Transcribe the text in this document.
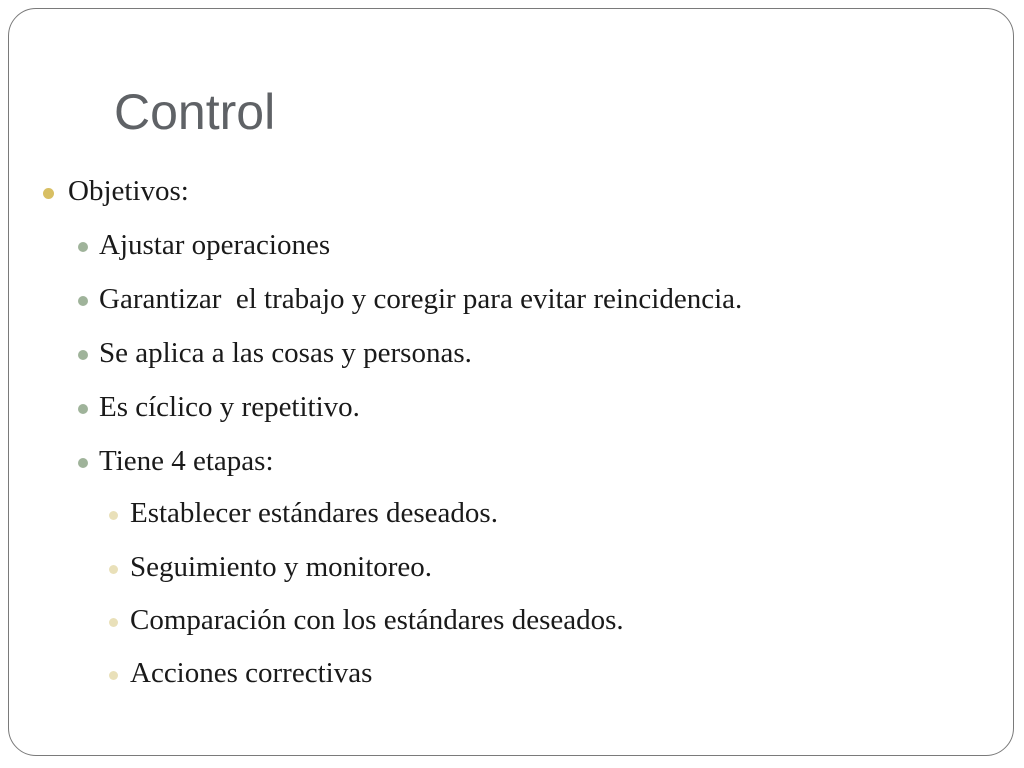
Control
Objetivos:
Ajustar operaciones
Garantizar  el trabajo y coregir para evitar reincidencia.
Se aplica a las cosas y personas.
Es cíclico y repetitivo.
Tiene 4 etapas:
Establecer estándares deseados.
Seguimiento y monitoreo.
Comparación con los estándares deseados.
Acciones correctivas
